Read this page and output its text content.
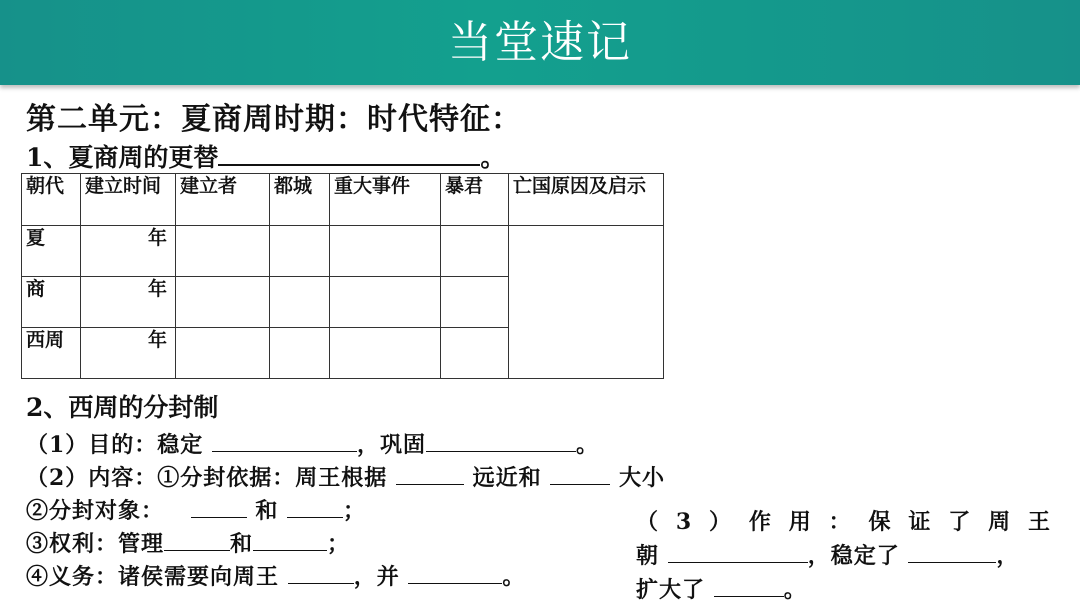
当堂速记
第二单元：夏商周时期：时代特征：
1、夏商周的更替	。
朝代	建立时间	建立者	都城	重大事件	暴君	亡国原因及启示
夏	年					

商	年					

西周	年					

2、西周的分封制
（1）目的：稳定	，巩固	。
（2）内容：①分封依据：周王根据	远近和	大小
②分封对象：	和	；
③权利：管理	和	；
④义务：诸侯需要向周王	，并	。
（3）作用：保证了周王
朝	，稳定了	，
扩大了	。
